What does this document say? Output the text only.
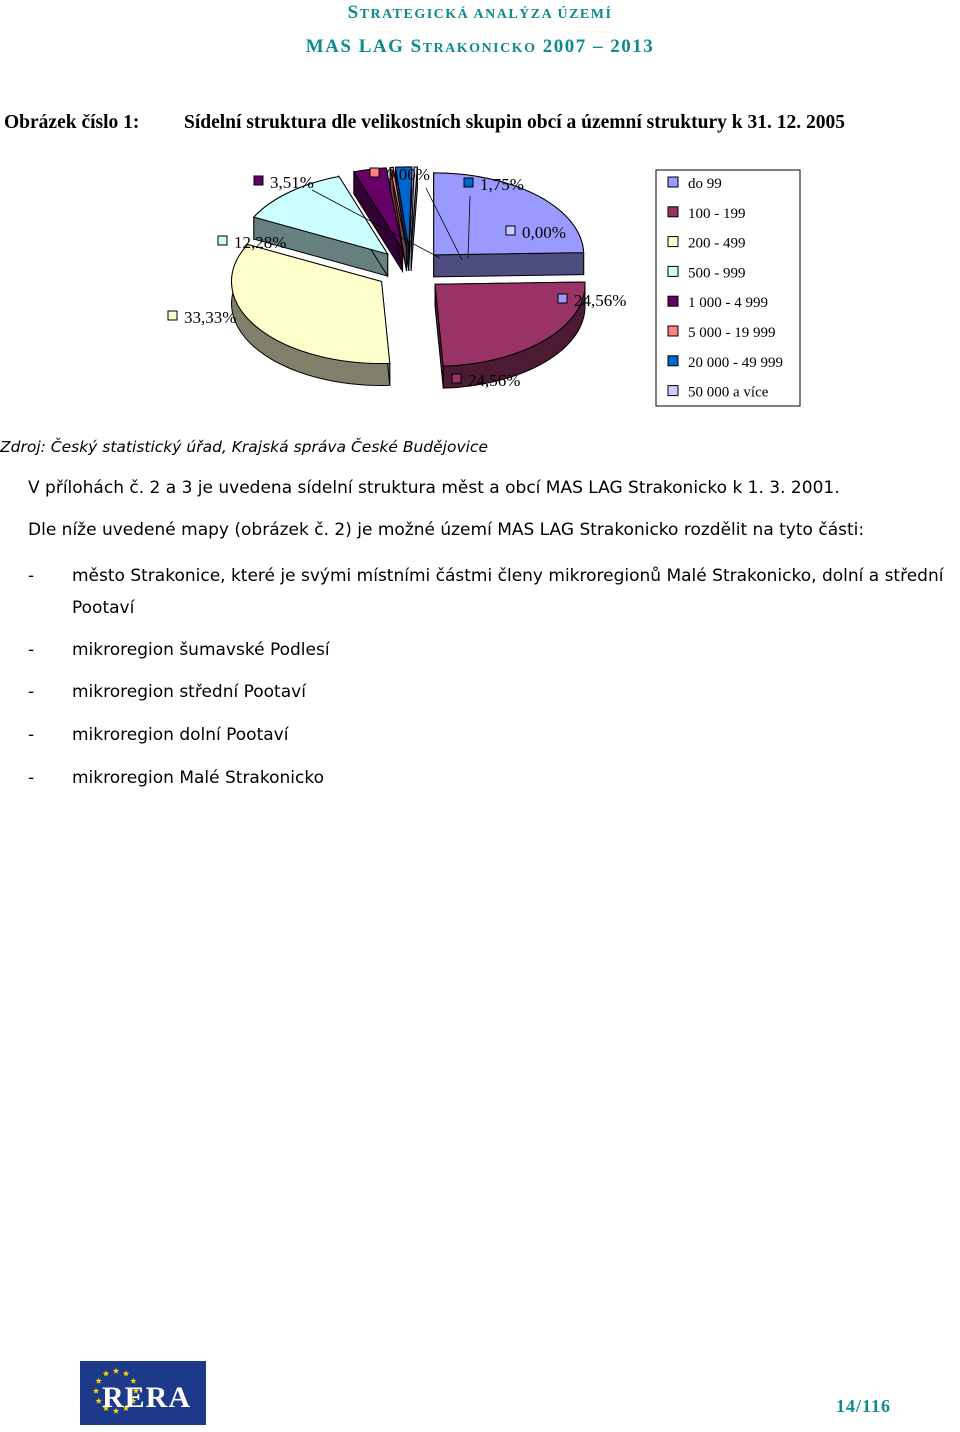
STRATEGICKÁ ANALÝZA ÚZEMÍ
MAS LAG STRAKONICKO 2007 – 2013
Obrázek číslo 1: Sídelní struktura dle velikostních skupin obcí a územní struktury k 31. 12. 2005
24,56%
24,56%
33,33%
12,28%
3,51%	0,00%
1,75%
0,00%
do 99
100 - 199
200 - 499
500 - 999
1 000 - 4 999
5 000 - 19 999
20 000 - 49 999
50 000 a více
Zdroj: Český statistický úřad, Krajská správa České Budějovice
V přílohách č. 2 a 3 je uvedena sídelní struktura měst a obcí MAS LAG Strakonicko k 1. 3. 2001.
Dle níže uvedené mapy (obrázek č. 2) je možné území MAS LAG Strakonicko rozdělit na tyto části:
- město Strakonice, které je svými místními částmi členy mikroregionů Malé Strakonicko, dolní a střední Pootaví
- mikroregion šumavské Podlesí
- mikroregion střední Pootaví
- mikroregion dolní Pootaví
- mikroregion Malé Strakonicko
RERA	14/116
